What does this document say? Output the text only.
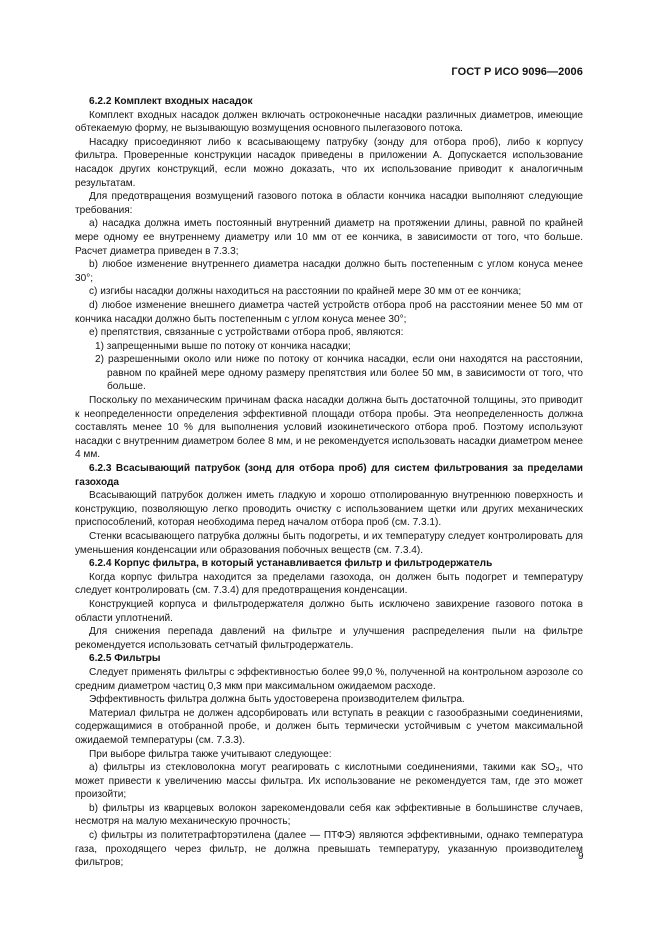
ГОСТ Р ИСО 9096—2006

6.2.2 Комплект входных насадок

Комплект входных насадок должен включать остроконечные насадки различных диаметров, имеющие обтекаемую форму, не вызывающую возмущения основного пылегазового потока.

Насадку присоединяют либо к всасывающему патрубку (зонду для отбора проб), либо к корпусу фильтра. Проверенные конструкции насадок приведены в приложении А. Допускается использование насадок других конструкций, если можно доказать, что их использование приводит к аналогичным результатам.

Для предотвращения возмущений газового потока в области кончика насадки выполняют следующие требования:

а) насадка должна иметь постоянный внутренний диаметр на протяжении длины, равной по крайней мере одному ее внутреннему диаметру или 10 мм от ее кончика, в зависимости от того, что больше. Расчет диаметра приведен в 7.3.3;

b) любое изменение внутреннего диаметра насадки должно быть постепенным с углом конуса менее 30°;

с) изгибы насадки должны находиться на расстоянии по крайней мере 30 мм от ее кончика;

d) любое изменение внешнего диаметра частей устройств отбора проб на расстоянии менее 50 мм от кончика насадки должно быть постепенным с углом конуса менее 30°;

е) препятствия, связанные с устройствами отбора проб, являются:

1) запрещенными выше по потоку от кончика насадки;

2) разрешенными около или ниже по потоку от кончика насадки, если они находятся на расстоянии, равном по крайней мере одному размеру препятствия или более 50 мм, в зависимости от того, что больше.

Поскольку по механическим причинам фаска насадки должна быть достаточной толщины, это приводит к неопределенности определения эффективной площади отбора пробы. Эта неопределенность должна составлять менее 10 % для выполнения условий изокинетического отбора проб. Поэтому используют насадки с внутренним диаметром более 8 мм, и не рекомендуется использовать насадки диаметром менее 4 мм.

6.2.3 Всасывающий патрубок (зонд для отбора проб) для систем фильтрования за пределами газохода

Всасывающий патрубок должен иметь гладкую и хорошо отполированную внутреннюю поверхность и конструкцию, позволяющую легко проводить очистку с использованием щетки или других механических приспособлений, которая необходима перед началом отбора проб (см. 7.3.1).

Стенки всасывающего патрубка должны быть подогреты, и их температуру следует контролировать для уменьшения конденсации или образования побочных веществ (см. 7.3.4).

6.2.4 Корпус фильтра, в который устанавливается фильтр и фильтродержатель

Когда корпус фильтра находится за пределами газохода, он должен быть подогрет и температуру следует контролировать (см. 7.3.4) для предотвращения конденсации.

Конструкцией корпуса и фильтродержателя должно быть исключено завихрение газового потока в области уплотнений.

Для снижения перепада давлений на фильтре и улучшения распределения пыли на фильтре рекомендуется использовать сетчатый фильтродержатель.

6.2.5 Фильтры

Следует применять фильтры с эффективностью более 99,0 %, полученной на контрольном аэрозоле со средним диаметром частиц 0,3 мкм при максимальном ожидаемом расходе.

Эффективность фильтра должна быть удостоверена производителем фильтра.

Материал фильтра не должен адсорбировать или вступать в реакции с газообразными соединениями, содержащимися в отобранной пробе, и должен быть термически устойчивым с учетом максимальной ожидаемой температуры (см. 7.3.3).

При выборе фильтра также учитывают следующее:

а) фильтры из стекловолокна могут реагировать с кислотными соединениями, такими как SO₃, что может привести к увеличению массы фильтра. Их использование не рекомендуется там, где это может произойти;

b) фильтры из кварцевых волокон зарекомендовали себя как эффективные в большинстве случаев, несмотря на малую механическую прочность;

с) фильтры из политетрафторэтилена (далее — ПТФЭ) являются эффективными, однако температура газа, проходящего через фильтр, не должна превышать температуру, указанную производителем фильтров;

9
